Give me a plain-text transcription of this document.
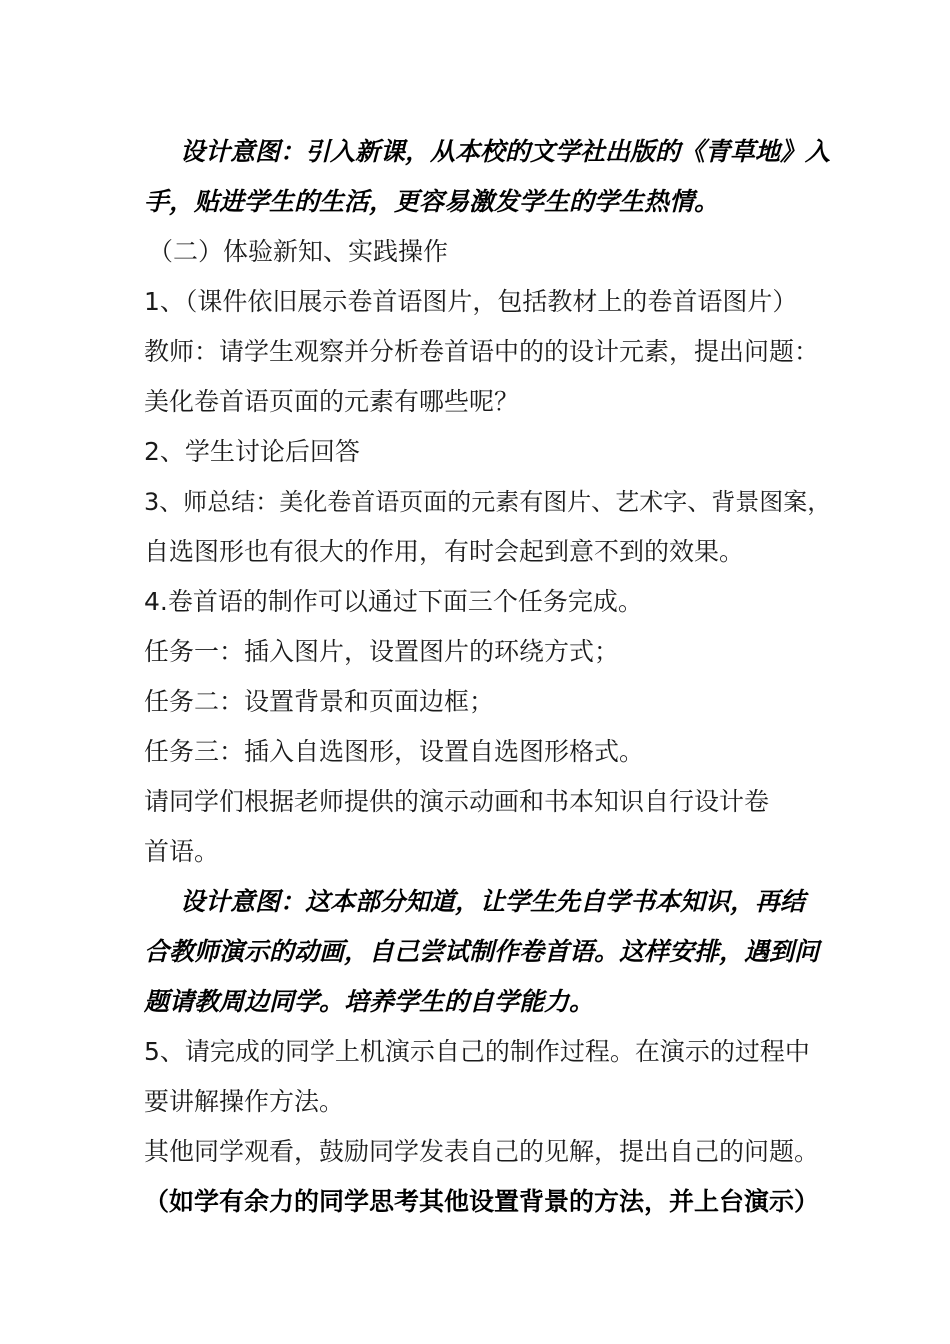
设计意图：引入新课，从本校的文学社出版的《青草地》入
手，贴进学生的生活，更容易激发学生的学生热情。
（二）体验新知、实践操作
1、（课件依旧展示卷首语图片，包括教材上的卷首语图片）
教师：请学生观察并分析卷首语中的的设计元素，提出问题：
美化卷首语页面的元素有哪些呢？
2、学生讨论后回答
3、师总结：美化卷首语页面的元素有图片、艺术字、背景图案，
自选图形也有很大的作用，有时会起到意不到的效果。
4.卷首语的制作可以通过下面三个任务完成。
任务一：插入图片，设置图片的环绕方式；
任务二：设置背景和页面边框；
任务三：插入自选图形，设置自选图形格式。
请同学们根据老师提供的演示动画和书本知识自行设计卷
首语。
设计意图：这本部分知道，让学生先自学书本知识，再结
合教师演示的动画，自己尝试制作卷首语。这样安排，遇到问
题请教周边同学。培养学生的自学能力。
5、请完成的同学上机演示自己的制作过程。在演示的过程中
要讲解操作方法。
其他同学观看，鼓励同学发表自己的见解，提出自己的问题。
（如学有余力的同学思考其他设置背景的方法，并上台演示）
